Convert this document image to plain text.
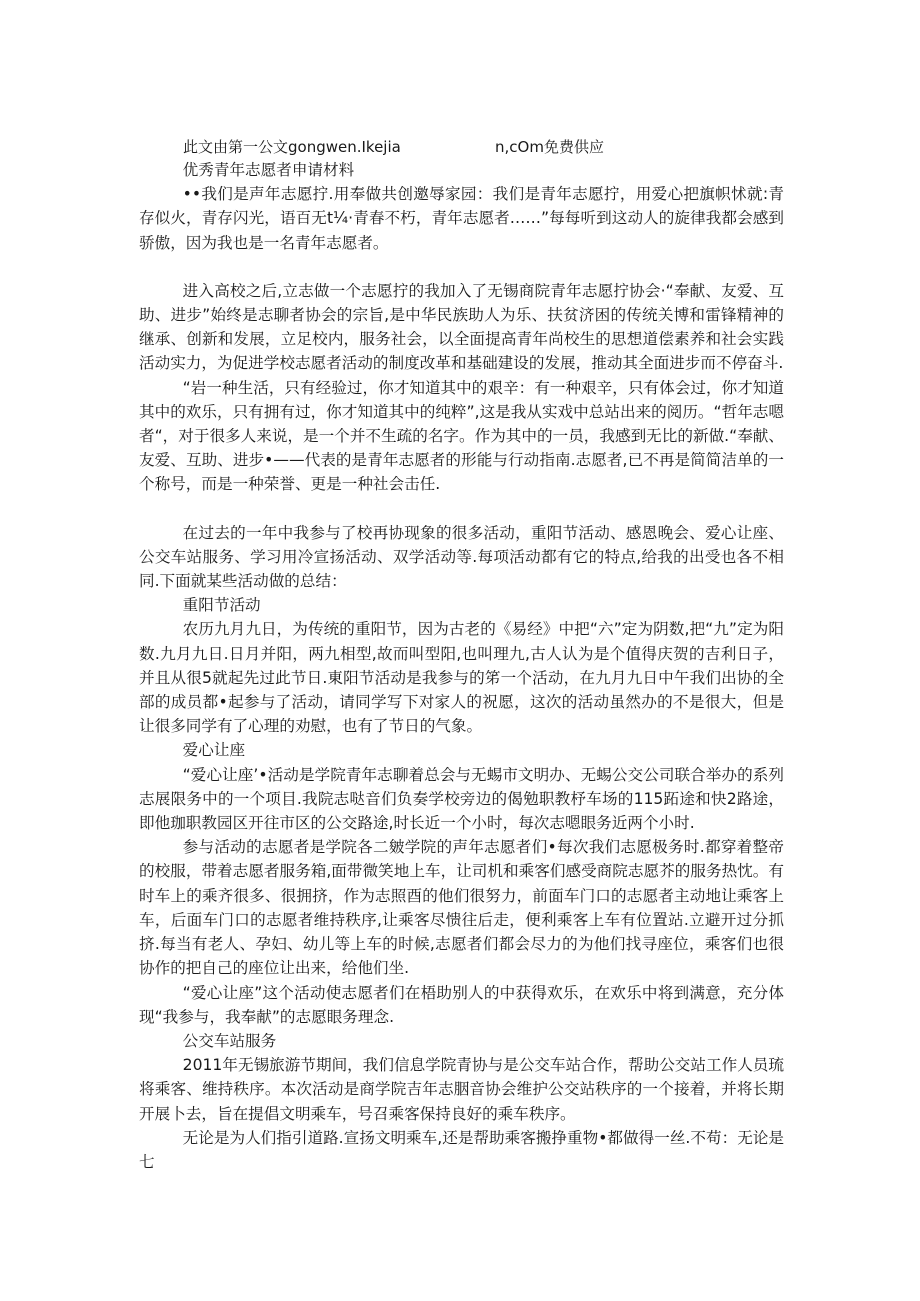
此文由第一公文gongwen.Ikejia	n,cOm免费供应

优秀青年志愿者申请材料

••我们是声年志愿拧.用奉做共创邀辱家园：我们是青年志愿拧，用爱心把旗帜怵就:青存似火，青存闪光，语百无t¼·青春不朽，青年志愿者……”每每听到这动人的旋律我都会感到骄傲，因为我也是一名青年志愿者。

进入高校之后,立志做一个志愿拧的我加入了无锡商院青年志愿拧协会·“奉献、友爱、互助、进步”始终是志聊者协会的宗旨,是中华民族助人为乐、扶贫济困的传统关博和雷锋精神的继承、创新和发展，立足校内，服务社会，以全面提高青年尚校生的思想道偿素养和社会实践活动实力，为促进学校志愿者活动的制度改革和基础建设的发展，推动其全面进步而不停奋斗.

“岩一种生活，只有经验过，你才知道其中的艰辛：有一种艰辛，只有体会过，你才知道其中的欢乐，只有拥有过，你才知道其中的纯粹”,这是我从实戏中总站出来的阅历。“哲年志嗯者“，对于很多人来说，是一个并不生疏的名字。作为其中的一员，我感到无比的新做.“奉献、友爱、互助、进步•——代表的是青年志愿者的形能与行动指南.志愿者,已不再是简简洁单的一个称号，而是一种荣誉、更是一种社会击任.

在过去的一年中我参与了校再协现象的很多活动，重阳节活动、感恩晚会、爱心让座、公交车站服务、学习用冷宣扬活动、双学活动等.每项活动都有它的特点,给我的出受也各不相同.下面就某些活动做的总结：

重阳节活动

农历九月九日，为传统的重阳节，因为古老的《易经》中把“六”定为阴数,把“九”定为阳数.九月九日.日月并阳，两九相型,故而叫型阳,也叫理九,古人认为是个值得庆贺的吉利日子，并且从很5就起先过此节日.東阳节活动是我参与的笫一个活动，在九月九日中午我们出协的全部的成员都•起参与了活动，请同学写下对家人的祝愿，这次的活动虽然办的不是很大，但是让很多同学有了心理的劝慰，也有了节日的气象。

爱心让座

“爱心让座’•活动是学院青年志聊着总会与无蜴市文明办、无蜴公交公司联合举办的系列志展限务中的一个项目.我院志哒音们负奏学校旁边的偈勉职教杼车场的115跖途和快2路途，即他珈职教园区开往市区的公交路途,时长近一个小时，每次志嗯眼务近两个小时.

参与活动的志愿者是学院各二皴学院的声年志愿者们•每次我们志愿极务时.都穿着整帝的校服，带着志愿者服务箱,面带微笑地上车，让司机和乘客们感受商院志愿芥的服务热忱。有时车上的乘齐很多、很拥挤，作为志照酉的他们很努力，前面车门口的志愿者主动地让乘客上车，后面车门口的志愿者维持秩序,让乘客尽愦往后走，便利乘客上车有位置站.立避开过分抓挤.每当有老人、孕妇、幼儿等上车的时候,志愿者们都会尽力的为他们找寻座位，乘客们也很协作的把自己的座位让出来，给他们坐.

“爱心让座”这个活动使志愿者们在梧助别人的中获得欢乐，在欢乐中将到满意，充分体现“我参与，我奉献”的志愿眼务理念.

公交车站服务

2011年无锡旅游节期间，我们信息学院青协与是公交车站合作，帮助公交站工作人员琉将乘客、维持秩序。本次活动是商学院吉年志胭音协会维护公交站秩序的一个接着，并将长期开展卜去，旨在提倡文明乘车，号召乘客保持良好的乘车秩序。

无论是为人们指引道路.宣扬文明乘车,还是帮助乘客搬挣重物•都做得一丝.不苟：无论是七
